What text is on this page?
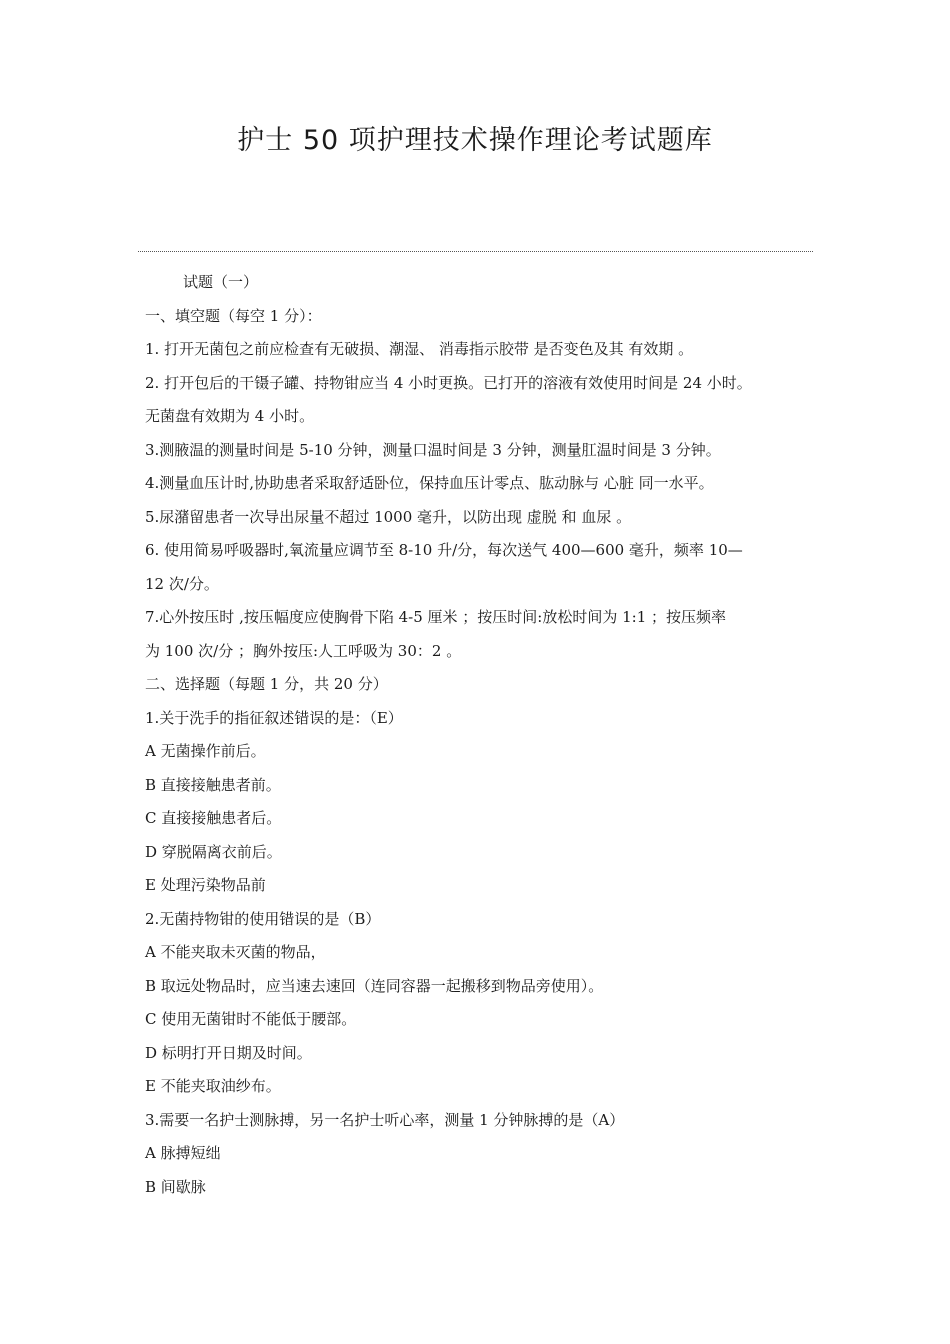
护士 50 项护理技术操作理论考试题库

试题（一）

一、填空题（每空 1 分）：

1. 打开无菌包之前应检查有无破损、潮湿、 消毒指示胶带 是否变色及其 有效期 。

2. 打开包后的干镊子罐、持物钳应当 4 小时更换。已打开的溶液有效使用时间是 24 小时。

无菌盘有效期为 4 小时。

3.测腋温的测量时间是 5-10 分钟，测量口温时间是 3 分钟，测量肛温时间是 3 分钟。

4.测量血压计时,协助患者采取舒适卧位，保持血压计零点、肱动脉与 心脏 同一水平。

5.尿潴留患者一次导出尿量不超过 1000 毫升，以防出现 虚脱 和 血尿 。

6. 使用简易呼吸器时,氧流量应调节至 8-10 升/分，每次送气 400—600 毫升，频率 10—

12 次/分。

7.心外按压时 ,按压幅度应使胸骨下陷 4-5 厘米 ；按压时间:放松时间为 1:1 ；按压频率

为 100 次/分 ；胸外按压:人工呼吸为 30：2 。

二、选择题（每题 1 分，共 20 分）

1.关于洗手的指征叙述错误的是：（E）

A 无菌操作前后。

B 直接接触患者前。

C 直接接触患者后。

D 穿脱隔离衣前后。

E 处理污染物品前

2.无菌持物钳的使用错误的是（B）

A 不能夹取未灭菌的物品，

B 取远处物品时，应当速去速回（连同容器一起搬移到物品旁使用）。

C 使用无菌钳时不能低于腰部。

D 标明打开日期及时间。

E 不能夹取油纱布。

3.需要一名护士测脉搏，另一名护士听心率，测量 1 分钟脉搏的是（A）

A 脉搏短绌

B 间歇脉
